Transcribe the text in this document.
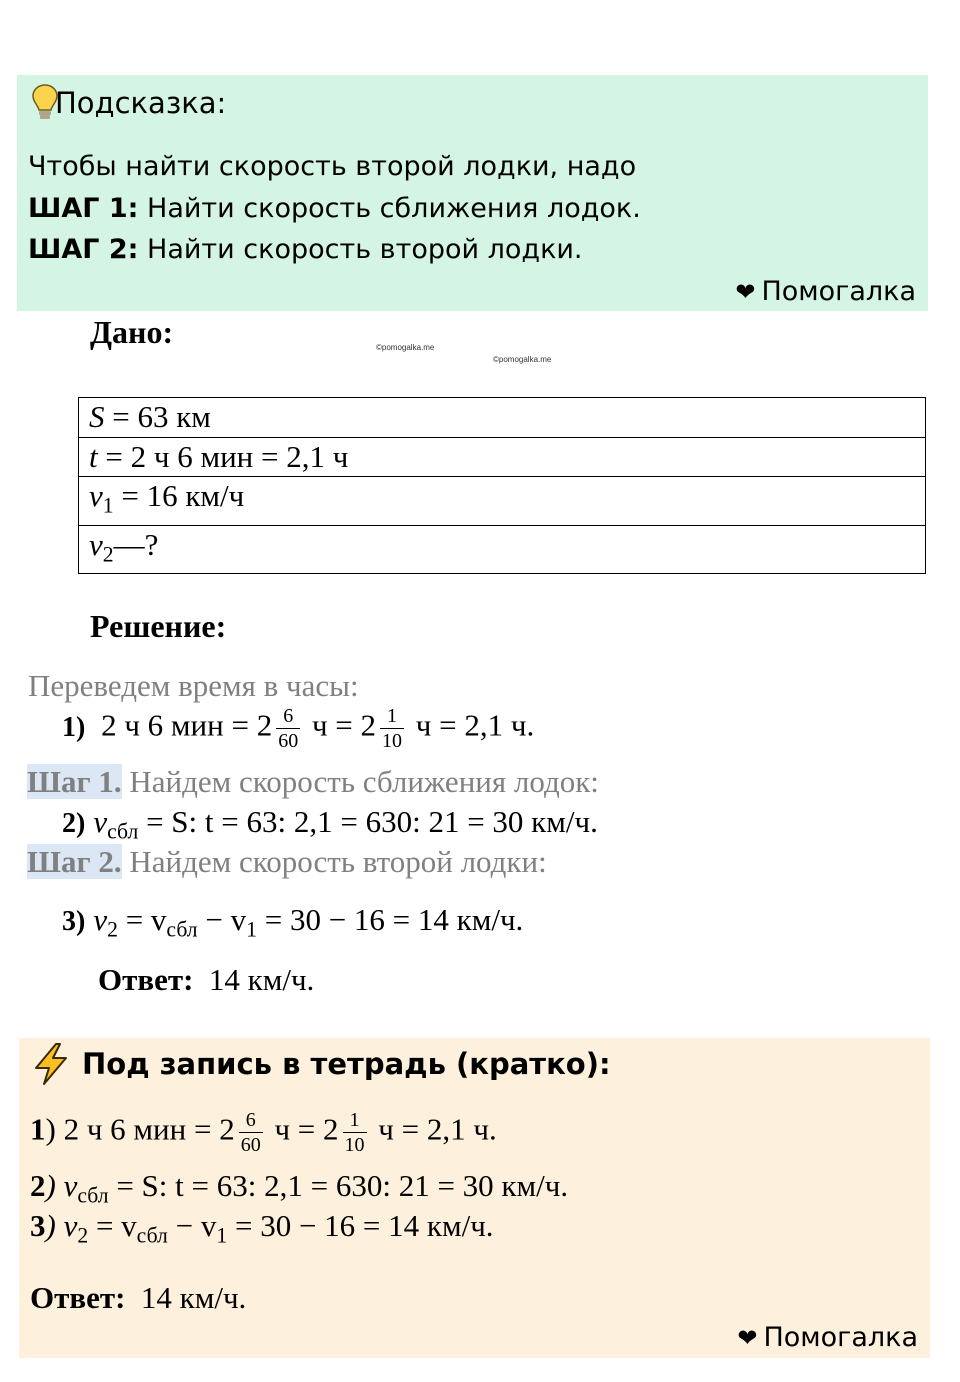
Подсказка:
Чтобы найти скорость второй лодки, надо
ШАГ 1: Найти скорость сближения лодок.
ШАГ 2: Найти скорость второй лодки.
❤ Помогалка
Дано:	©pomogalka.me
©pomogalka.me
S = 63 км
t = 2 ч 6 мин = 2,1 ч
$v_1 = 16$ км/ч
$v_2—$?
Решение:
Переведем время в часы:
1) 2 ч 6 мин = $2 \frac{6}{60}$ $ч = 2 \frac{1}{10}$ ч = 2,1 ч.
Шаг 1. Найдем скорость сближения лодок:
2) $v_{сбл} = S$: t = 63: 2,1 = 630: 21 = 30 км/ч.
Шаг 2. Найдем скорость второй лодки:
3) $v_2 = v_{сбл} - v_1 = 30 - 16 = 14$ км/ч.
Ответ:  14 км/ч.
Под запись в тетрадь (кратко):
1) 2 ч 6 мин = $2 \frac{6}{60}$ $ч = 2 \frac{1}{10}$ ч = 2,1 ч.
2) $v_{сбл} = S$: t = 63: 2,1 = 630: 21 = 30 км/ч.
3) $v_2 = v_{сбл} - v_1 = 30 - 16 = 14$ км/ч.
Ответ:  14 км/ч.
❤ Помогалка
